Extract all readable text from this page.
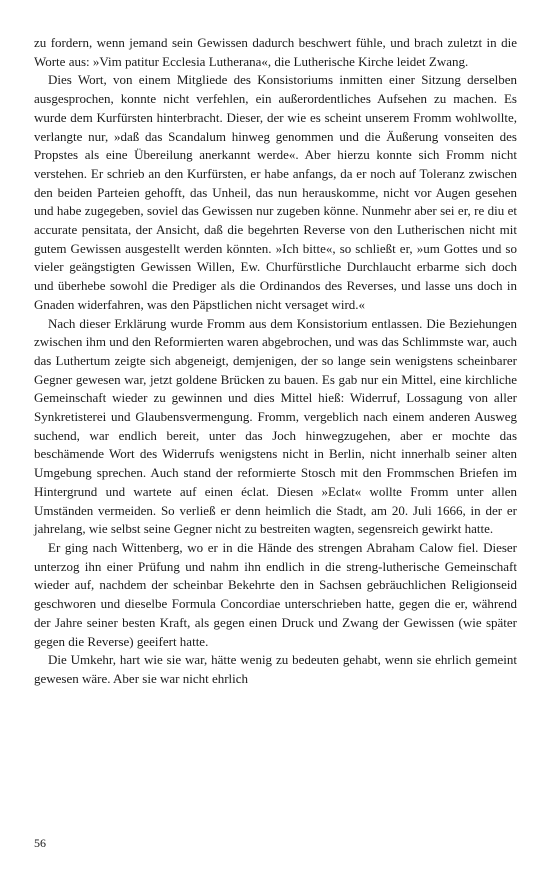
zu fordern, wenn jemand sein Gewissen dadurch beschwert fühle, und brach zuletzt in die Worte aus: »Vim patitur Ecclesia Lutherana«, die Lutherische Kirche leidet Zwang.

Dies Wort, von einem Mitgliede des Konsistoriums inmitten einer Sitzung derselben ausgesprochen, konnte nicht verfehlen, ein außerordentliches Aufsehen zu machen. Es wurde dem Kurfürsten hinterbracht. Dieser, der wie es scheint unserem Fromm wohlwollte, verlangte nur, »daß das Scandalum hinweg genommen und die Äußerung vonseiten des Propstes als eine Übereilung anerkannt werde«. Aber hierzu konnte sich Fromm nicht verstehen. Er schrieb an den Kurfürsten, er habe anfangs, da er noch auf Toleranz zwischen den beiden Parteien gehofft, das Unheil, das nun herauskomme, nicht vor Augen gesehen und habe zugegeben, soviel das Gewissen nur zugeben könne. Nunmehr aber sei er, re diu et accurate pensitata, der Ansicht, daß die begehrten Reverse von den Lutherischen nicht mit gutem Gewissen ausgestellt werden könnten. »Ich bitte«, so schließt er, »um Gottes und so vieler geängstigten Gewissen Willen, Ew. Churfürstliche Durchlaucht erbarme sich doch und überhebe sowohl die Prediger als die Ordinandos des Reverses, und lasse uns doch in Gnaden widerfahren, was den Päpstlichen nicht versaget wird.«

Nach dieser Erklärung wurde Fromm aus dem Konsistorium entlassen. Die Beziehungen zwischen ihm und den Reformierten waren abgebrochen, und was das Schlimmste war, auch das Luthertum zeigte sich abgeneigt, demjenigen, der so lange sein wenigstens scheinbarer Gegner gewesen war, jetzt goldene Brücken zu bauen. Es gab nur ein Mittel, eine kirchliche Gemeinschaft wieder zu gewinnen und dies Mittel hieß: Widerruf, Lossagung von aller Synkretisterei und Glaubensvermengung. Fromm, vergeblich nach einem anderen Ausweg suchend, war endlich bereit, unter das Joch hinwegzugehen, aber er mochte das beschämende Wort des Widerrufs wenigstens nicht in Berlin, nicht innerhalb seiner alten Umgebung sprechen. Auch stand der reformierte Stosch mit den Frommschen Briefen im Hintergrund und wartete auf einen éclat. Diesen »Eclat« wollte Fromm unter allen Umständen vermeiden. So verließ er denn heimlich die Stadt, am 20. Juli 1666, in der er jahrelang, wie selbst seine Gegner nicht zu bestreiten wagten, segensreich gewirkt hatte.

Er ging nach Wittenberg, wo er in die Hände des strengen Abraham Calow fiel. Dieser unterzog ihn einer Prüfung und nahm ihn endlich in die streng-lutherische Gemeinschaft wieder auf, nachdem der scheinbar Bekehrte den in Sachsen gebräuchlichen Religionseid geschworen und dieselbe Formula Concordiae unterschrieben hatte, gegen die er, während der Jahre seiner besten Kraft, als gegen einen Druck und Zwang der Gewissen (wie später gegen die Reverse) geeifert hatte.

Die Umkehr, hart wie sie war, hätte wenig zu bedeuten gehabt, wenn sie ehrlich gemeint gewesen wäre. Aber sie war nicht ehrlich

56
